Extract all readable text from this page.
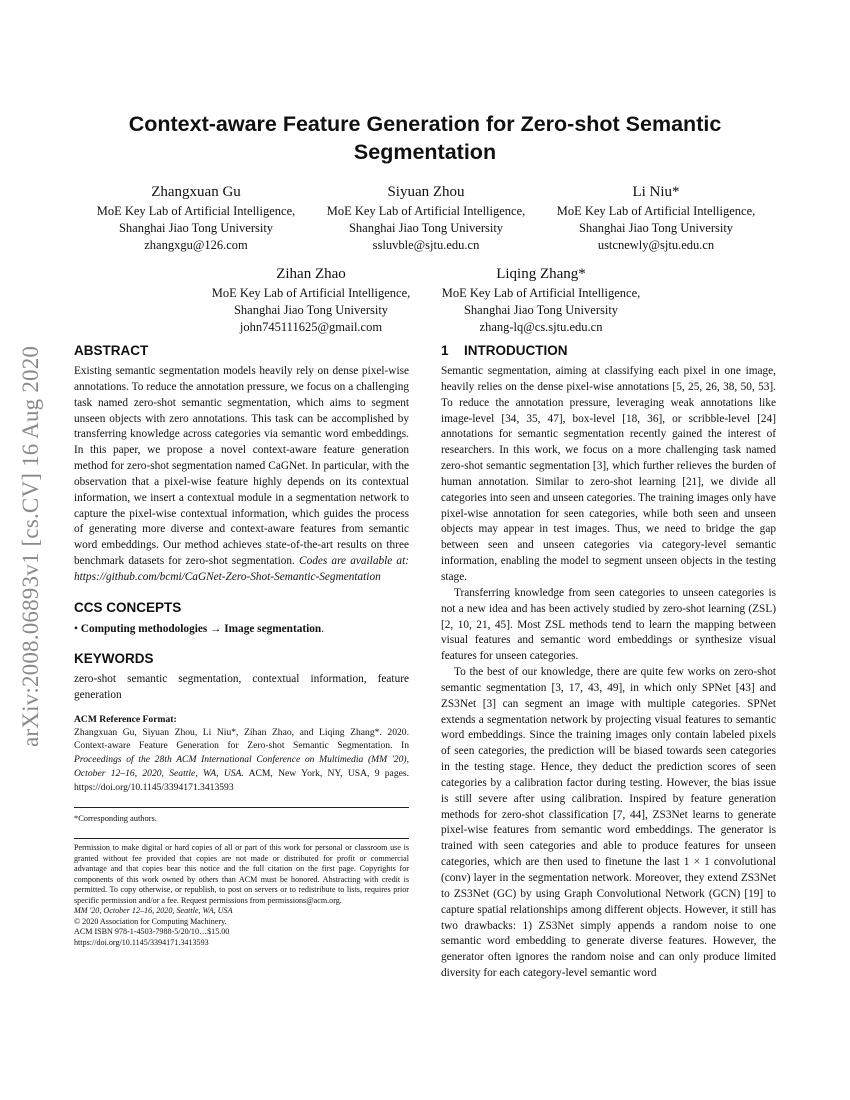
arXiv:2008.06893v1 [cs.CV] 16 Aug 2020
Context-aware Feature Generation for Zero-shot Semantic Segmentation
Zhangxuan Gu
MoE Key Lab of Artificial Intelligence,
Shanghai Jiao Tong University
zhangxgu@126.com
Siyuan Zhou
MoE Key Lab of Artificial Intelligence,
Shanghai Jiao Tong University
ssluvble@sjtu.edu.cn
Li Niu*
MoE Key Lab of Artificial Intelligence,
Shanghai Jiao Tong University
ustcnewly@sjtu.edu.cn
Zihan Zhao
MoE Key Lab of Artificial Intelligence,
Shanghai Jiao Tong University
john745111625@gmail.com
Liqing Zhang*
MoE Key Lab of Artificial Intelligence,
Shanghai Jiao Tong University
zhang-lq@cs.sjtu.edu.cn
ABSTRACT

Existing semantic segmentation models heavily rely on dense pixel-wise annotations. To reduce the annotation pressure, we focus on a challenging task named zero-shot semantic segmentation, which aims to segment unseen objects with zero annotations. This task can be accomplished by transferring knowledge across categories via semantic word embeddings. In this paper, we propose a novel context-aware feature generation method for zero-shot segmentation named CaGNet. In particular, with the observation that a pixel-wise feature highly depends on its contextual information, we insert a contextual module in a segmentation network to capture the pixel-wise contextual information, which guides the process of generating more diverse and context-aware features from semantic word embeddings. Our method achieves state-of-the-art results on three benchmark datasets for zero-shot segmentation. Codes are available at: https://github.com/bcmi/CaGNet-Zero-Shot-Semantic-Segmentation

CCS CONCEPTS
• Computing methodologies → Image segmentation.
KEYWORDS

zero-shot semantic segmentation, contextual information, feature generation

ACM Reference Format:

Zhangxuan Gu, Siyuan Zhou, Li Niu*, Zihan Zhao, and Liqing Zhang*. 2020. Context-aware Feature Generation for Zero-shot Semantic Segmentation. In Proceedings of the 28th ACM International Conference on Multimedia (MM '20), October 12–16, 2020, Seattle, WA, USA. ACM, New York, NY, USA, 9 pages. https://doi.org/10.1145/3394171.3413593

*Corresponding authors.

Permission to make digital or hard copies of all or part of this work for personal or classroom use is granted without fee provided that copies are not made or distributed for profit or commercial advantage and that copies bear this notice and the full citation on the first page. Copyrights for components of this work owned by others than ACM must be honored. Abstracting with credit is permitted. To copy otherwise, or republish, to post on servers or to redistribute to lists, requires prior specific permission and/or a fee. Request permissions from permissions@acm.org.

MM '20, October 12–16, 2020, Seattle, WA, USA
© 2020 Association for Computing Machinery.
ACM ISBN 978-1-4503-7988-5/20/10…$15.00
https://doi.org/10.1145/3394171.3413593
1 INTRODUCTION

Semantic segmentation, aiming at classifying each pixel in one image, heavily relies on the dense pixel-wise annotations [5, 25, 26, 38, 50, 53]. To reduce the annotation pressure, leveraging weak annotations like image-level [34, 35, 47], box-level [18, 36], or scribble-level [24] annotations for semantic segmentation recently gained the interest of researchers. In this work, we focus on a more challenging task named zero-shot semantic segmentation [3], which further relieves the burden of human annotation. Similar to zero-shot learning [21], we divide all categories into seen and unseen categories. The training images only have pixel-wise annotation for seen categories, while both seen and unseen objects may appear in test images. Thus, we need to bridge the gap between seen and unseen categories via category-level semantic information, enabling the model to segment unseen objects in the testing stage.

Transferring knowledge from seen categories to unseen categories is not a new idea and has been actively studied by zero-shot learning (ZSL) [2, 10, 21, 45]. Most ZSL methods tend to learn the mapping between visual features and semantic word embeddings or synthesize visual features for unseen categories.

To the best of our knowledge, there are quite few works on zero-shot semantic segmentation [3, 17, 43, 49], in which only SPNet [43] and ZS3Net [3] can segment an image with multiple categories. SPNet extends a segmentation network by projecting visual features to semantic word embeddings. Since the training images only contain labeled pixels of seen categories, the prediction will be biased towards seen categories in the testing stage. Hence, they deduct the prediction scores of seen categories by a calibration factor during testing. However, the bias issue is still severe after using calibration. Inspired by feature generation methods for zero-shot classification [7, 44], ZS3Net learns to generate pixel-wise features from semantic word embeddings. The generator is trained with seen categories and able to produce features for unseen categories, which are then used to finetune the last 1 × 1 convolutional (conv) layer in the segmentation network. Moreover, they extend ZS3Net to ZS3Net (GC) by using Graph Convolutional Network (GCN) [19] to capture spatial relationships among different objects. However, it still has two drawbacks: 1) ZS3Net simply appends a random noise to one semantic word embedding to generate diverse features. However, the generator often ignores the random noise and can only produce limited diversity for each category-level semantic word
